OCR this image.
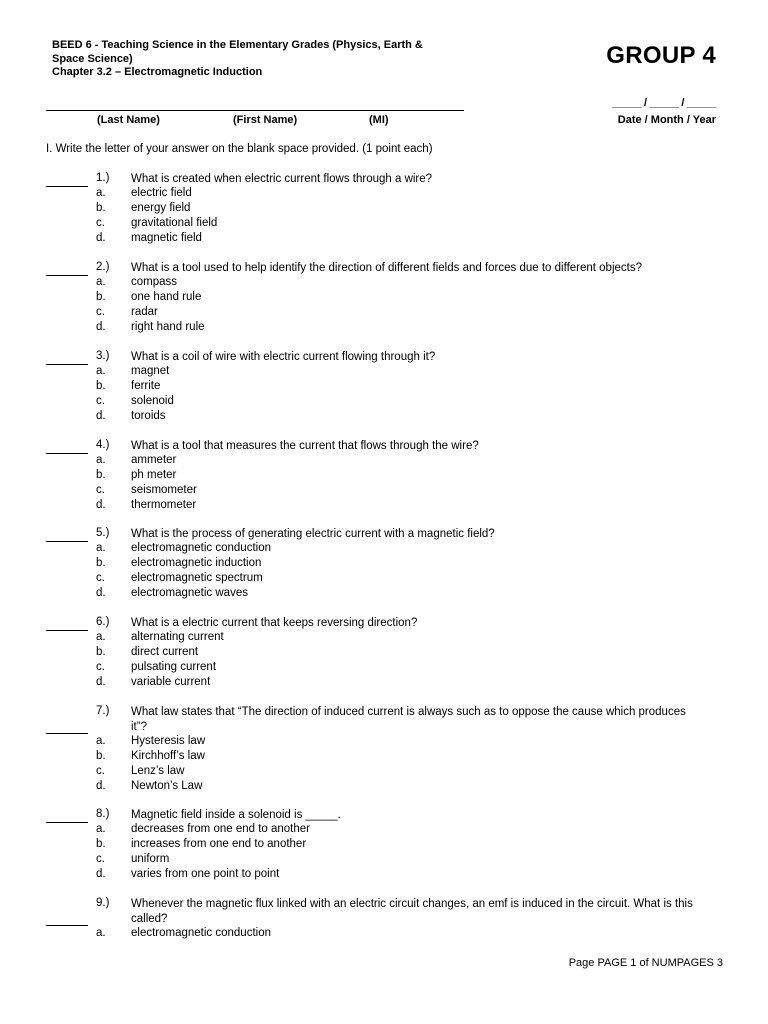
BEED 6 - Teaching Science in the Elementary Grades (Physics, Earth &
Space Science)
Chapter 3.2 – Electromagnetic Induction
GROUP 4
(Last Name)	(First Name)	(MI)
_____ / _____ / _____
Date / Month / Year
I. Write the letter of your answer on the blank space provided. (1 point each)
1.) What is created when electric current flows through a wire?
a. electric field
b. energy field
c. gravitational field
d. magnetic field
2.) What is a tool used to help identify the direction of different fields and forces due to different objects?
a. compass
b. one hand rule
c. radar
d. right hand rule
3.) What is a coil of wire with electric current flowing through it?
a. magnet
b. ferrite
c. solenoid
d. toroids
4.) What is a tool that measures the current that flows through the wire?
a. ammeter
b. ph meter
c. seismometer
d. thermometer
5.) What is the process of generating electric current with a magnetic field?
a. electromagnetic conduction
b. electromagnetic induction
c. electromagnetic spectrum
d. electromagnetic waves
6.) What is a electric current that keeps reversing direction?
a. alternating current
b. direct current
c. pulsating current
d. variable current
7.) What law states that “The direction of induced current is always such as to oppose the cause which produces it”?
a. Hysteresis law
b. Kirchhoff’s law
c. Lenz’s law
d. Newton’s Law
8.) Magnetic field inside a solenoid is _____.
a. decreases from one end to another
b. increases from one end to another
c. uniform
d. varies from one point to point
9.) Whenever the magnetic flux linked with an electric circuit changes, an emf is induced in the circuit. What is this called?
a. electromagnetic conduction
Page PAGE 1 of NUMPAGES 3
